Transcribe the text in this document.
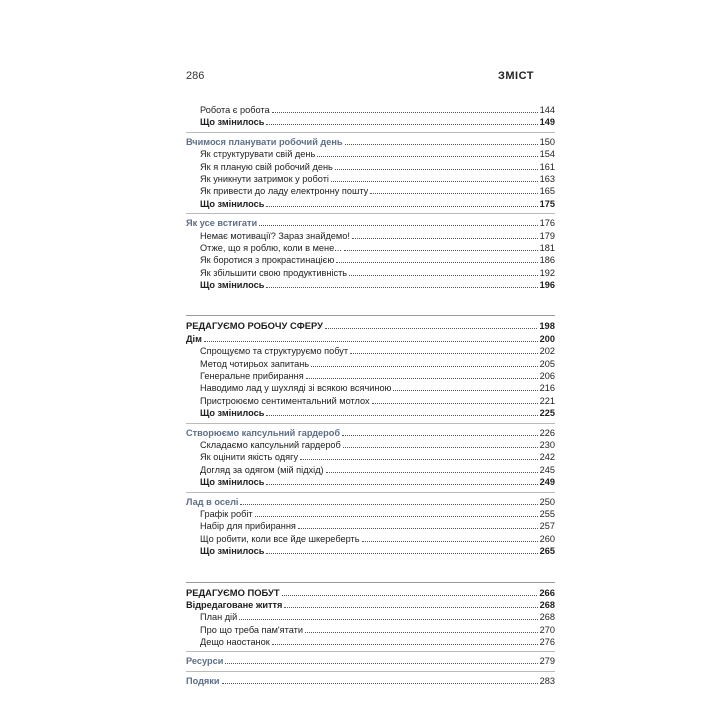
286	ЗМІСТ
Робота є робота	144
Що змінилось	149
Вчимося планувати робочий день	150
Як структурувати свій день	154
Як я планую свій робочий день	161
Як уникнути затримок у роботі	163
Як привести до ладу електронну пошту	165
Що змінилось	175
Як усе встигати	176
Немає мотивації? Зараз знайдемо!	179
Отже, що я роблю, коли в мене...	181
Як боротися з прокрастинацією	186
Як збільшити свою продуктивність	192
Що змінилось	196
РЕДАГУЄМО РОБОЧУ СФЕРУ	198
Дім	200
Спрощуємо та структуруємо побут	202
Метод чотирьох запитань	205
Генеральне прибирання	206
Наводимо лад у шухляді зі всякою всячиною	216
Пристроюємо сентиментальний мотлох	221
Що змінилось	225
Створюємо капсульний гардероб	226
Складаємо капсульний гардероб	230
Як оцінити якість одягу	242
Догляд за одягом (мій підхід)	245
Що змінилось	249
Лад в оселі	250
Графік робіт	255
Набір для прибирання	257
Що робити, коли все йде шкереберть	260
Що змінилось	265
РЕДАГУЄМО ПОБУТ	266
Відредаговане життя	268
План дій	268
Про що треба пам'ятати	270
Дещо наостанок	276
Ресурси	279
Подяки	283
